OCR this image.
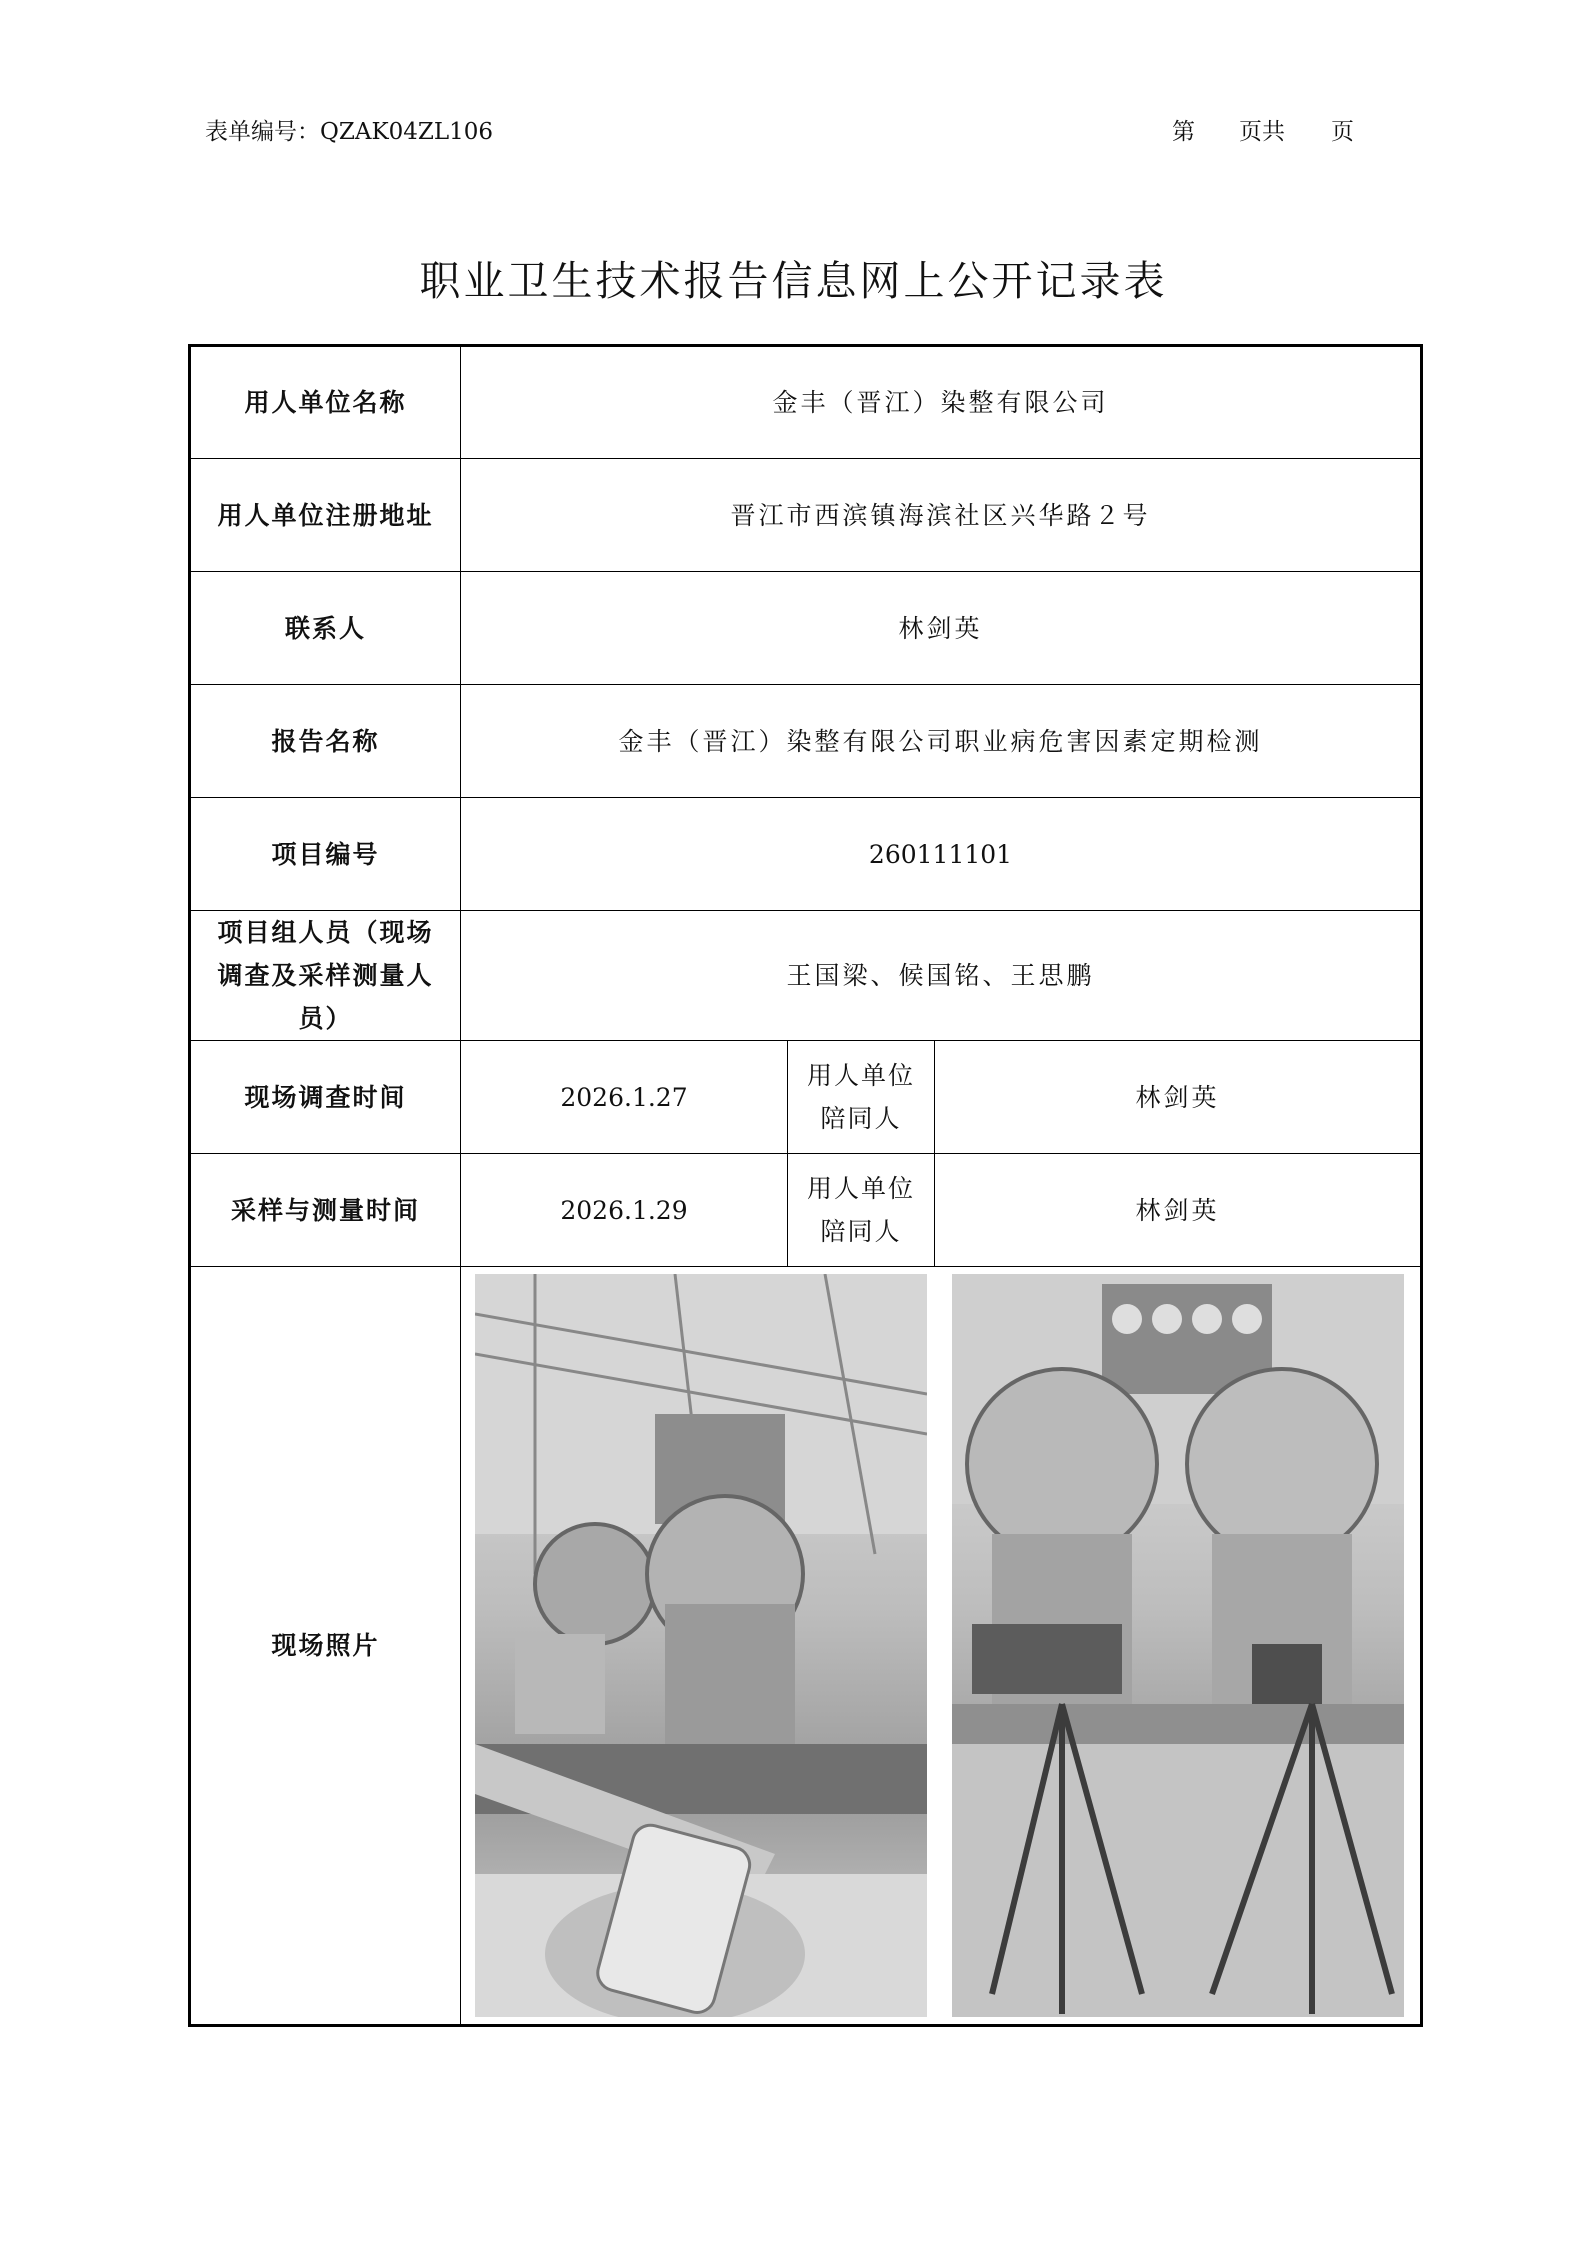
表单编号：QZAK04ZL106	第 页共 页
职业卫生技术报告信息网上公开记录表
用人单位名称	金丰（晋江）染整有限公司		
用人单位注册地址	晋江市西滨镇海滨社区兴华路２号		
联系人	林剑英		
报告名称	金丰（晋江）染整有限公司职业病危害因素定期检测		
项目编号	260111101		
项目组人员（现场调查及采样测量人员）	王国梁、候国铭、王思鹏		
现场调查时间	2026.1.27	用人单位陪同人	林剑英
采样与测量时间	2026.1.29	用人单位陪同人	林剑英
现场照片	
